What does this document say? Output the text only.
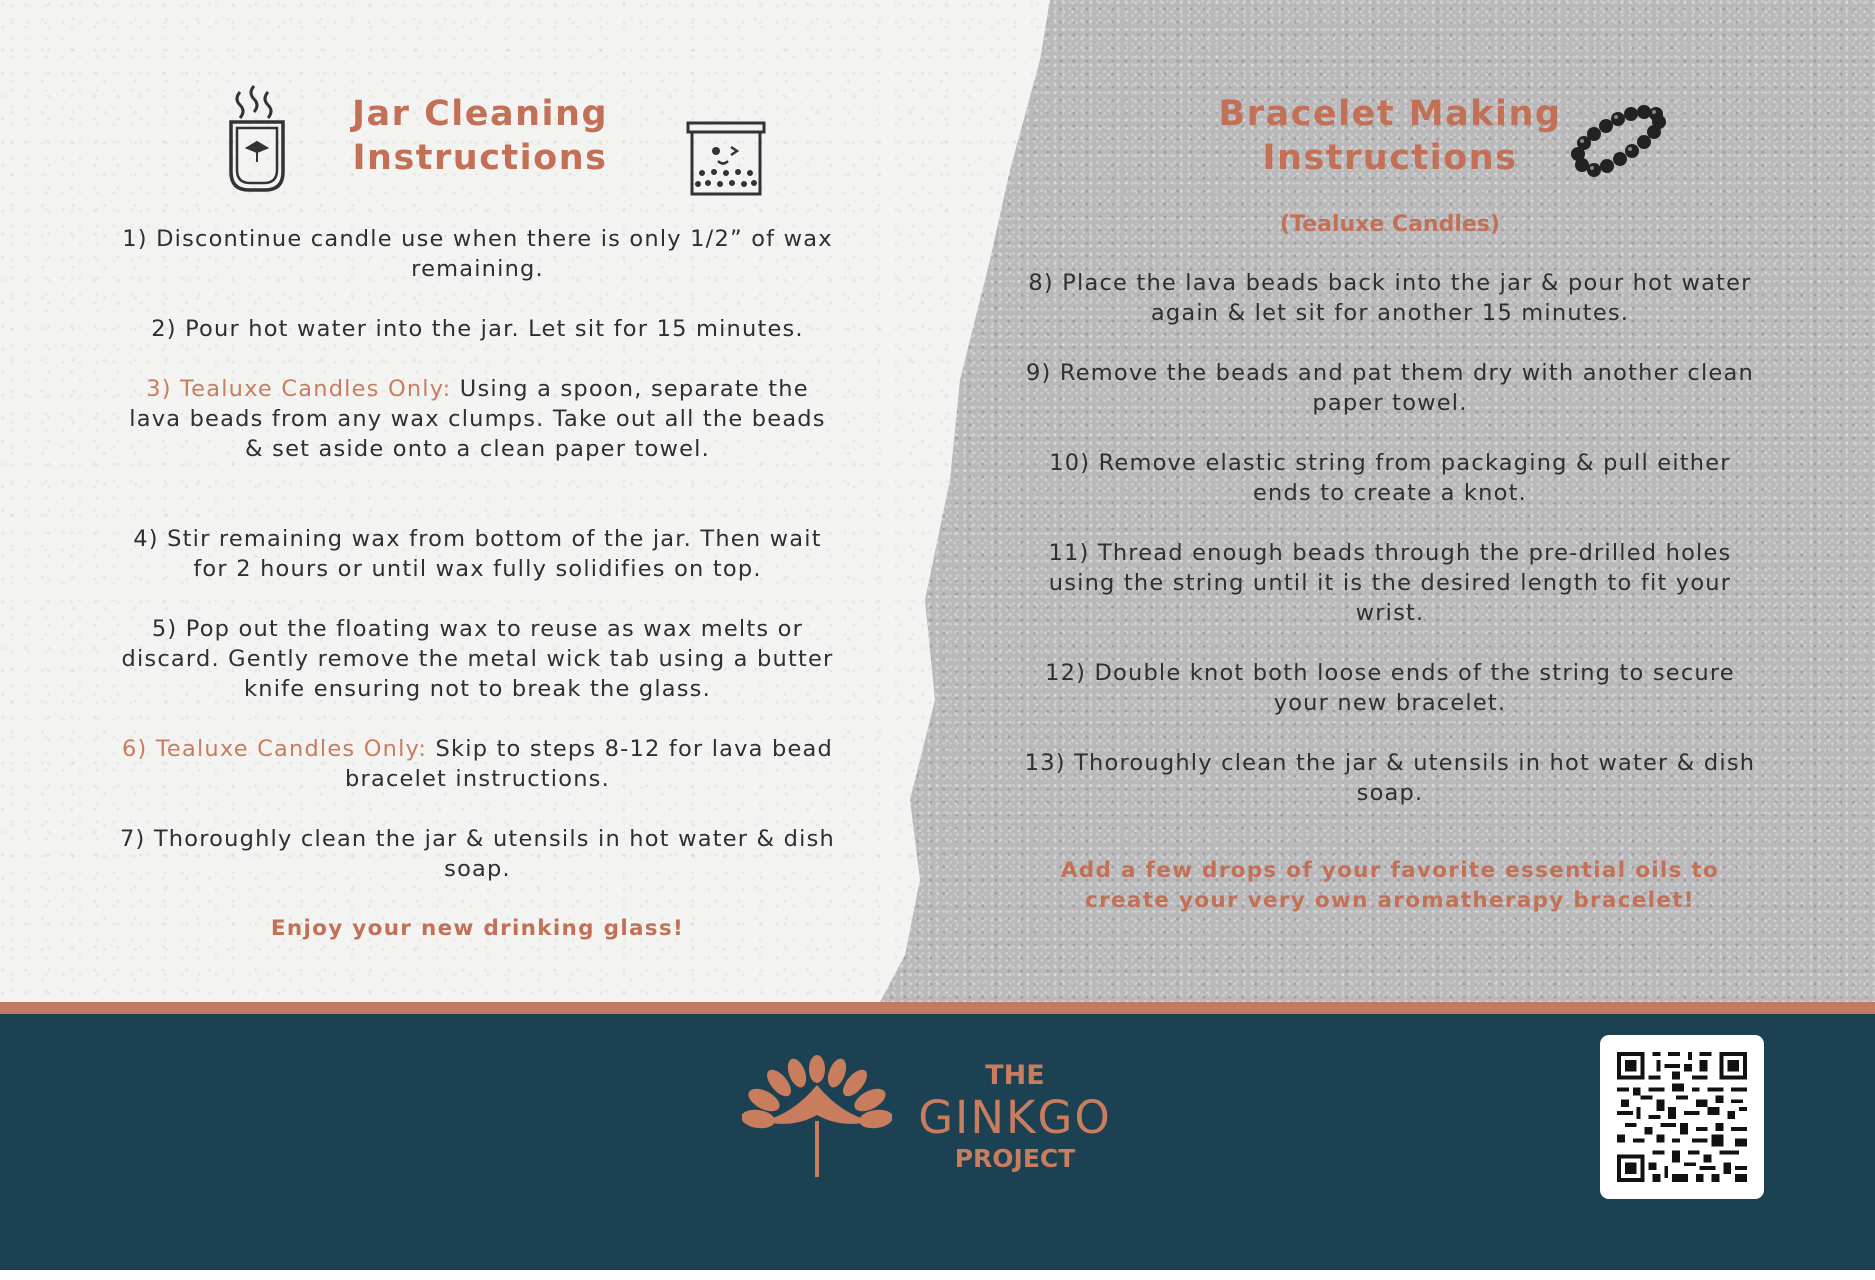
Jar Cleaning Instructions

1) Discontinue candle use when there is only 1/2” of wax remaining.

2) Pour hot water into the jar. Let sit for 15 minutes.

3) Tealuxe Candles Only: Using a spoon, separate the lava beads from any wax clumps. Take out all the beads & set aside onto a clean paper towel.

4) Stir remaining wax from bottom of the jar. Then wait for 2 hours or until wax fully solidifies on top.

5) Pop out the floating wax to reuse as wax melts or discard. Gently remove the metal wick tab using a butter knife ensuring not to break the glass.

6) Tealuxe Candles Only: Skip to steps 8-12 for lava bead bracelet instructions.

7) Thoroughly clean the jar & utensils in hot water & dish soap.

Enjoy your new drinking glass!

Bracelet Making Instructions
(Tealuxe Candles)

8) Place the lava beads back into the jar & pour hot water again & let sit for another 15 minutes.

9) Remove the beads and pat them dry with another clean paper towel.

10) Remove elastic string from packaging & pull either ends to create a knot.

11) Thread enough beads through the pre-drilled holes using the string until it is the desired length to fit your wrist.

12) Double knot both loose ends of the string to secure your new bracelet.

13) Thoroughly clean the jar & utensils in hot water & dish soap.

Add a few drops of your favorite essential oils to create your very own aromatherapy bracelet!

THE
GINKGO
PROJECT
